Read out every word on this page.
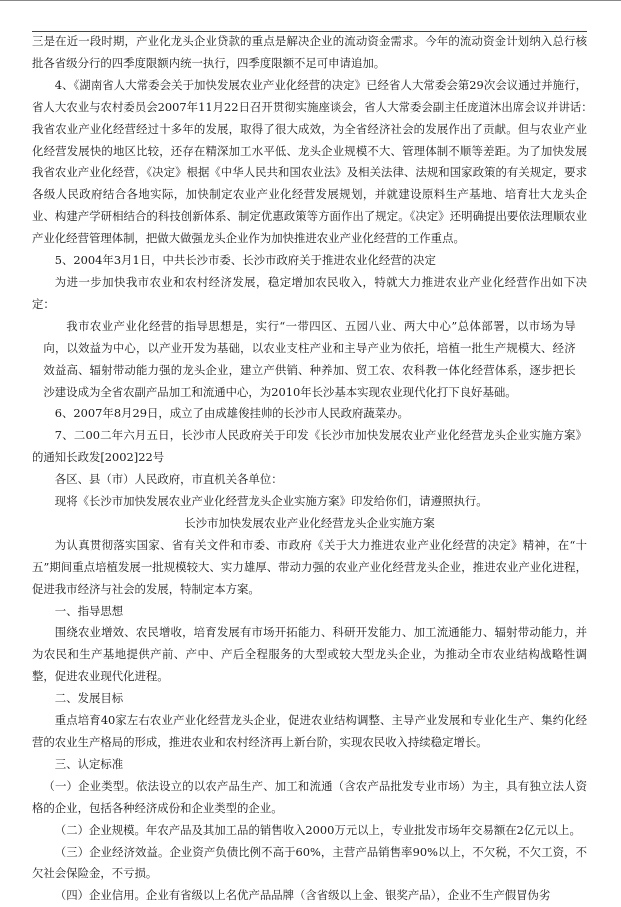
三是在近一段时期，产业化龙头企业贷款的重点是解决企业的流动资金需求。今年的流动资金计划纳入总行核批各省级分行的四季度限额内统一执行，四季度限额不足可申请追加。

4、《湖南省人大常委会关于加快发展农业产业化经营的决定》已经省人大常委会第29次会议通过并施行，省人大农业与农村委员会2007年11月22日召开贯彻实施座谈会，省人大常委会副主任庞道沐出席会议并讲话：　我省农业产业化经营经过十多年的发展，取得了很大成效，为全省经济社会的发展作出了贡献。但与农业产业化经营发展快的地区比较，还存在精深加工水平低、龙头企业规模不大、管理体制不顺等差距。为了加快发展我省农业产业化经营，《决定》根据《中华人民共和国农业法》及相关法律、法规和国家政策的有关规定，要求各级人民政府结合各地实际，加快制定农业产业化经营发展规划，并就建设原料生产基地、培育壮大龙头企业、构建产学研相结合的科技创新体系、制定优惠政策等方面作出了规定。《决定》还明确提出要依法理顺农业产业化经营管理体制，把做大做强龙头企业作为加快推进农业产业化经营的工作重点。

5、2004年3月1日，中共长沙市委、长沙市政府关于推进农业化经营的决定

为进一步加快我市农业和农村经济发展，稳定增加农民收入，特就大力推进农业产业化经营作出如下决定：

我市农业产业化经营的指导思想是，实行“一带四区、五园八业、两大中心”总体部署，以市场为导向，以效益为中心，以产业开发为基础，以农业支柱产业和主导产业为依托，培植一批生产规模大、经济效益高、辐射带动能力强的龙头企业，建立产供销、种养加、贸工农、农科教一体化经营体系，逐步把长沙建设成为全省农副产品加工和流通中心，为2010年长沙基本实现农业现代化打下良好基础。

6、2007年8月29日，成立了由成雄俊挂帅的长沙市人民政府蔬菜办。

7、二00二年六月五日，长沙市人民政府关于印发《长沙市加快发展农业产业化经营龙头企业实施方案》的通知长政发[2002]22号

各区、县（市）人民政府，市直机关各单位：

现将《长沙市加快发展农业产业化经营龙头企业实施方案》印发给你们，请遵照执行。

长沙市加快发展农业产业化经营龙头企业实施方案

为认真贯彻落实国家、省有关文件和市委、市政府《关于大力推进农业产业化经营的决定》精神，在“十五”期间重点培植发展一批规模较大、实力雄厚、带动力强的农业产业化经营龙头企业，推进农业产业化进程，促进我市经济与社会的发展，特制定本方案。

一、指导思想

围绕农业增效、农民增收，培育发展有市场开拓能力、科研开发能力、加工流通能力、辐射带动能力，并为农民和生产基地提供产前、产中、产后全程服务的大型或较大型龙头企业，为推动全市农业结构战略性调整，促进农业现代化进程。

二、发展目标

重点培育40家左右农业产业化经营龙头企业，促进农业结构调整、主导产业发展和专业化生产、集约化经营的农业生产格局的形成，推进农业和农村经济再上新台阶，实现农民收入持续稳定增长。

三、认定标准

（一）企业类型。依法设立的以农产品生产、加工和流通（含农产品批发专业市场）为主，具有独立法人资格的企业，包括各种经济成份和企业类型的企业。

（二）企业规模。年农产品及其加工品的销售收入2000万元以上，专业批发市场年交易额在2亿元以上。

（三）企业经济效益。企业资产负债比例不高于60%，主营产品销售率90%以上，不欠税，不欠工资，不欠社会保险金，不亏损。

（四）企业信用。企业有省级以上名优产品品牌（含省级以上金、银奖产品），企业不生产假冒伪劣
